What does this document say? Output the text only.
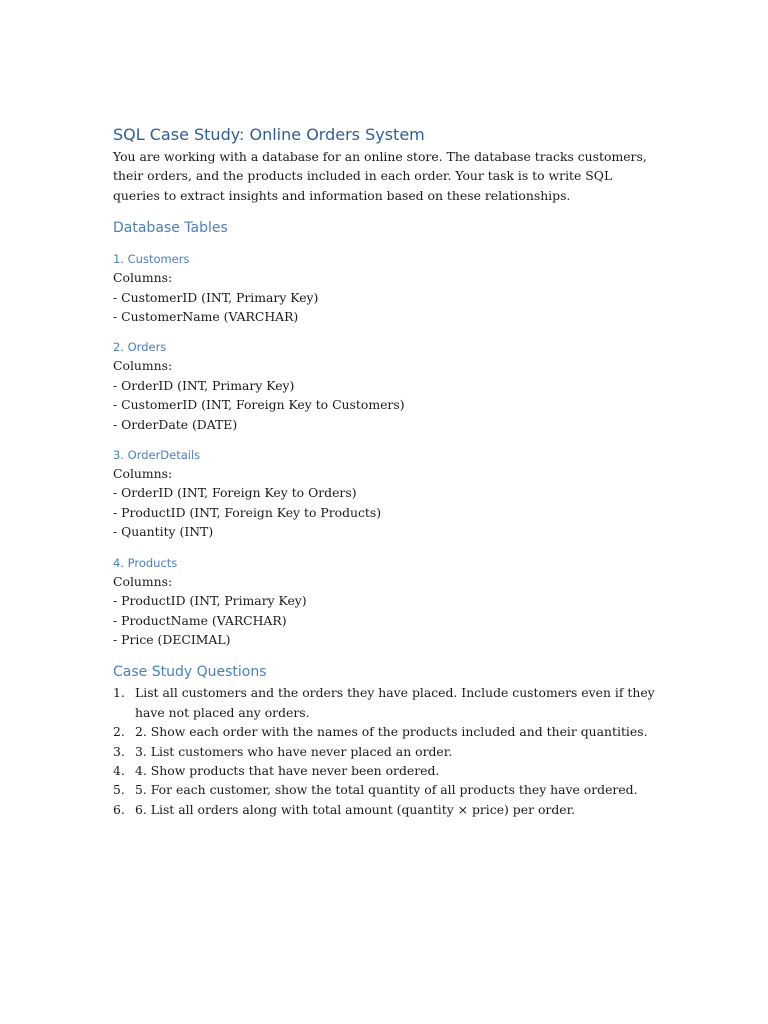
SQL Case Study: Online Orders System

You are working with a database for an online store. The database tracks customers, their orders, and the products included in each order. Your task is to write SQL queries to extract insights and information based on these relationships.

Database Tables
1. Customers
Columns:
- CustomerID (INT, Primary Key)
- CustomerName (VARCHAR)
2. Orders
Columns:
- OrderID (INT, Primary Key)
- CustomerID (INT, Foreign Key to Customers)
- OrderDate (DATE)
3. OrderDetails
Columns:
- OrderID (INT, Foreign Key to Orders)
- ProductID (INT, Foreign Key to Products)
- Quantity (INT)
4. Products
Columns:
- ProductID (INT, Primary Key)
- ProductName (VARCHAR)
- Price (DECIMAL)
Case Study Questions
1. List all customers and the orders they have placed. Include customers even if they have not placed any orders.
2. 2. Show each order with the names of the products included and their quantities.
3. 3. List customers who have never placed an order.
4. 4. Show products that have never been ordered.
5. 5. For each customer, show the total quantity of all products they have ordered.
6. 6. List all orders along with total amount (quantity × price) per order.
